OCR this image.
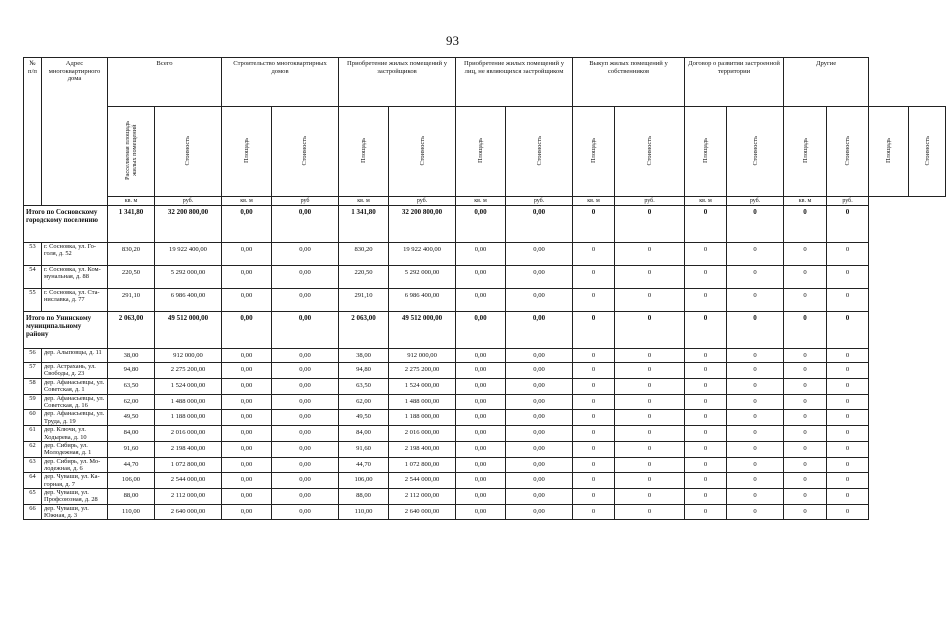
93
№
п/п	Адрес многоквартирного дома	Всего		Строительство многоквартирных домов		Приобретение жилых помещений у застройщиков		Приобретение жилых помещений у лиц, не являющихся застройщиком		Выкуп жилых помещений у собственников		Договор о развитии застроенной территории		Другие			
		Расселяемая площадь жилых помещений	Стоимость	Площадь	Стоимость	Площадь	Стоимость	Площадь	Стоимость	Площадь	Стоимость	Площадь	Стоимость	Площадь	Стоимость	Площадь	Стоимость
		кв. м	руб.	кв. м	руб	кв. м	руб.	кв. м	руб.	кв. м	руб.	кв. м	руб.	кв. м	руб.		
Итого по Сосновскому городскому поселению		1 341,80	32 200 800,00	0,00	0,00	1 341,80	32 200 800,00	0,00	0,00	0	0	0	0	0	0		
53	г. Сосновка, ул. Го-голя, д. 52	830,20	19 922 400,00	0,00	0,00	830,20	19 922 400,00	0,00	0,00	0	0	0	0	0	0		
54	г. Сосновка, ул. Ком-мунальная, д. 88	220,50	5 292 000,00	0,00	0,00	220,50	5 292 000,00	0,00	0,00	0	0	0	0	0	0		
55	г. Сосновка, ул. Ста-ниславка, д. 77	291,10	6 986 400,00	0,00	0,00	291,10	6 986 400,00	0,00	0,00	0	0	0	0	0	0		
Итого по Унинскому муниципальному району		2 063,00	49 512 000,00	0,00	0,00	2 063,00	49 512 000,00	0,00	0,00	0	0	0	0	0	0		
56	дер. Алыповцы, д. 11	38,00	912 000,00	0,00	0,00	38,00	912 000,00	0,00	0,00	0	0	0	0	0	0		
57	дер. Астрахань, ул. Свободы, д. 23	94,80	2 275 200,00	0,00	0,00	94,80	2 275 200,00	0,00	0,00	0	0	0	0	0	0		
58	дер. Афанасьевцы, ул. Советская, д. 1	63,50	1 524 000,00	0,00	0,00	63,50	1 524 000,00	0,00	0,00	0	0	0	0	0	0		
59	дер. Афанасьевцы, ул. Советская, д. 16	62,00	1 488 000,00	0,00	0,00	62,00	1 488 000,00	0,00	0,00	0	0	0	0	0	0		
60	дер. Афанасьевцы, ул. Труда, д. 19	49,50	1 188 000,00	0,00	0,00	49,50	1 188 000,00	0,00	0,00	0	0	0	0	0	0		
61	дер. Ключи, ул. Ходырева, д. 10	84,00	2 016 000,00	0,00	0,00	84,00	2 016 000,00	0,00	0,00	0	0	0	0	0	0		
62	дер. Сибирь, ул. Молодежная, д. 1	91,60	2 198 400,00	0,00	0,00	91,60	2 198 400,00	0,00	0,00	0	0	0	0	0	0		
63	дер. Сибирь, ул. Мо-лодежная, д. 6	44,70	1 072 800,00	0,00	0,00	44,70	1 072 800,00	0,00	0,00	0	0	0	0	0	0		
64	дер. Чуваши, ул. Ка-горная, д. 7	106,00	2 544 000,00	0,00	0,00	106,00	2 544 000,00	0,00	0,00	0	0	0	0	0	0		
65	дер. Чуваши, ул. Профсоюзная, д. 28	88,00	2 112 000,00	0,00	0,00	88,00	2 112 000,00	0,00	0,00	0	0	0	0	0	0		
66	дер. Чуваши, ул. Южная, д. 3	110,00	2 640 000,00	0,00	0,00	110,00	2 640 000,00	0,00	0,00	0	0	0	0	0	0		
